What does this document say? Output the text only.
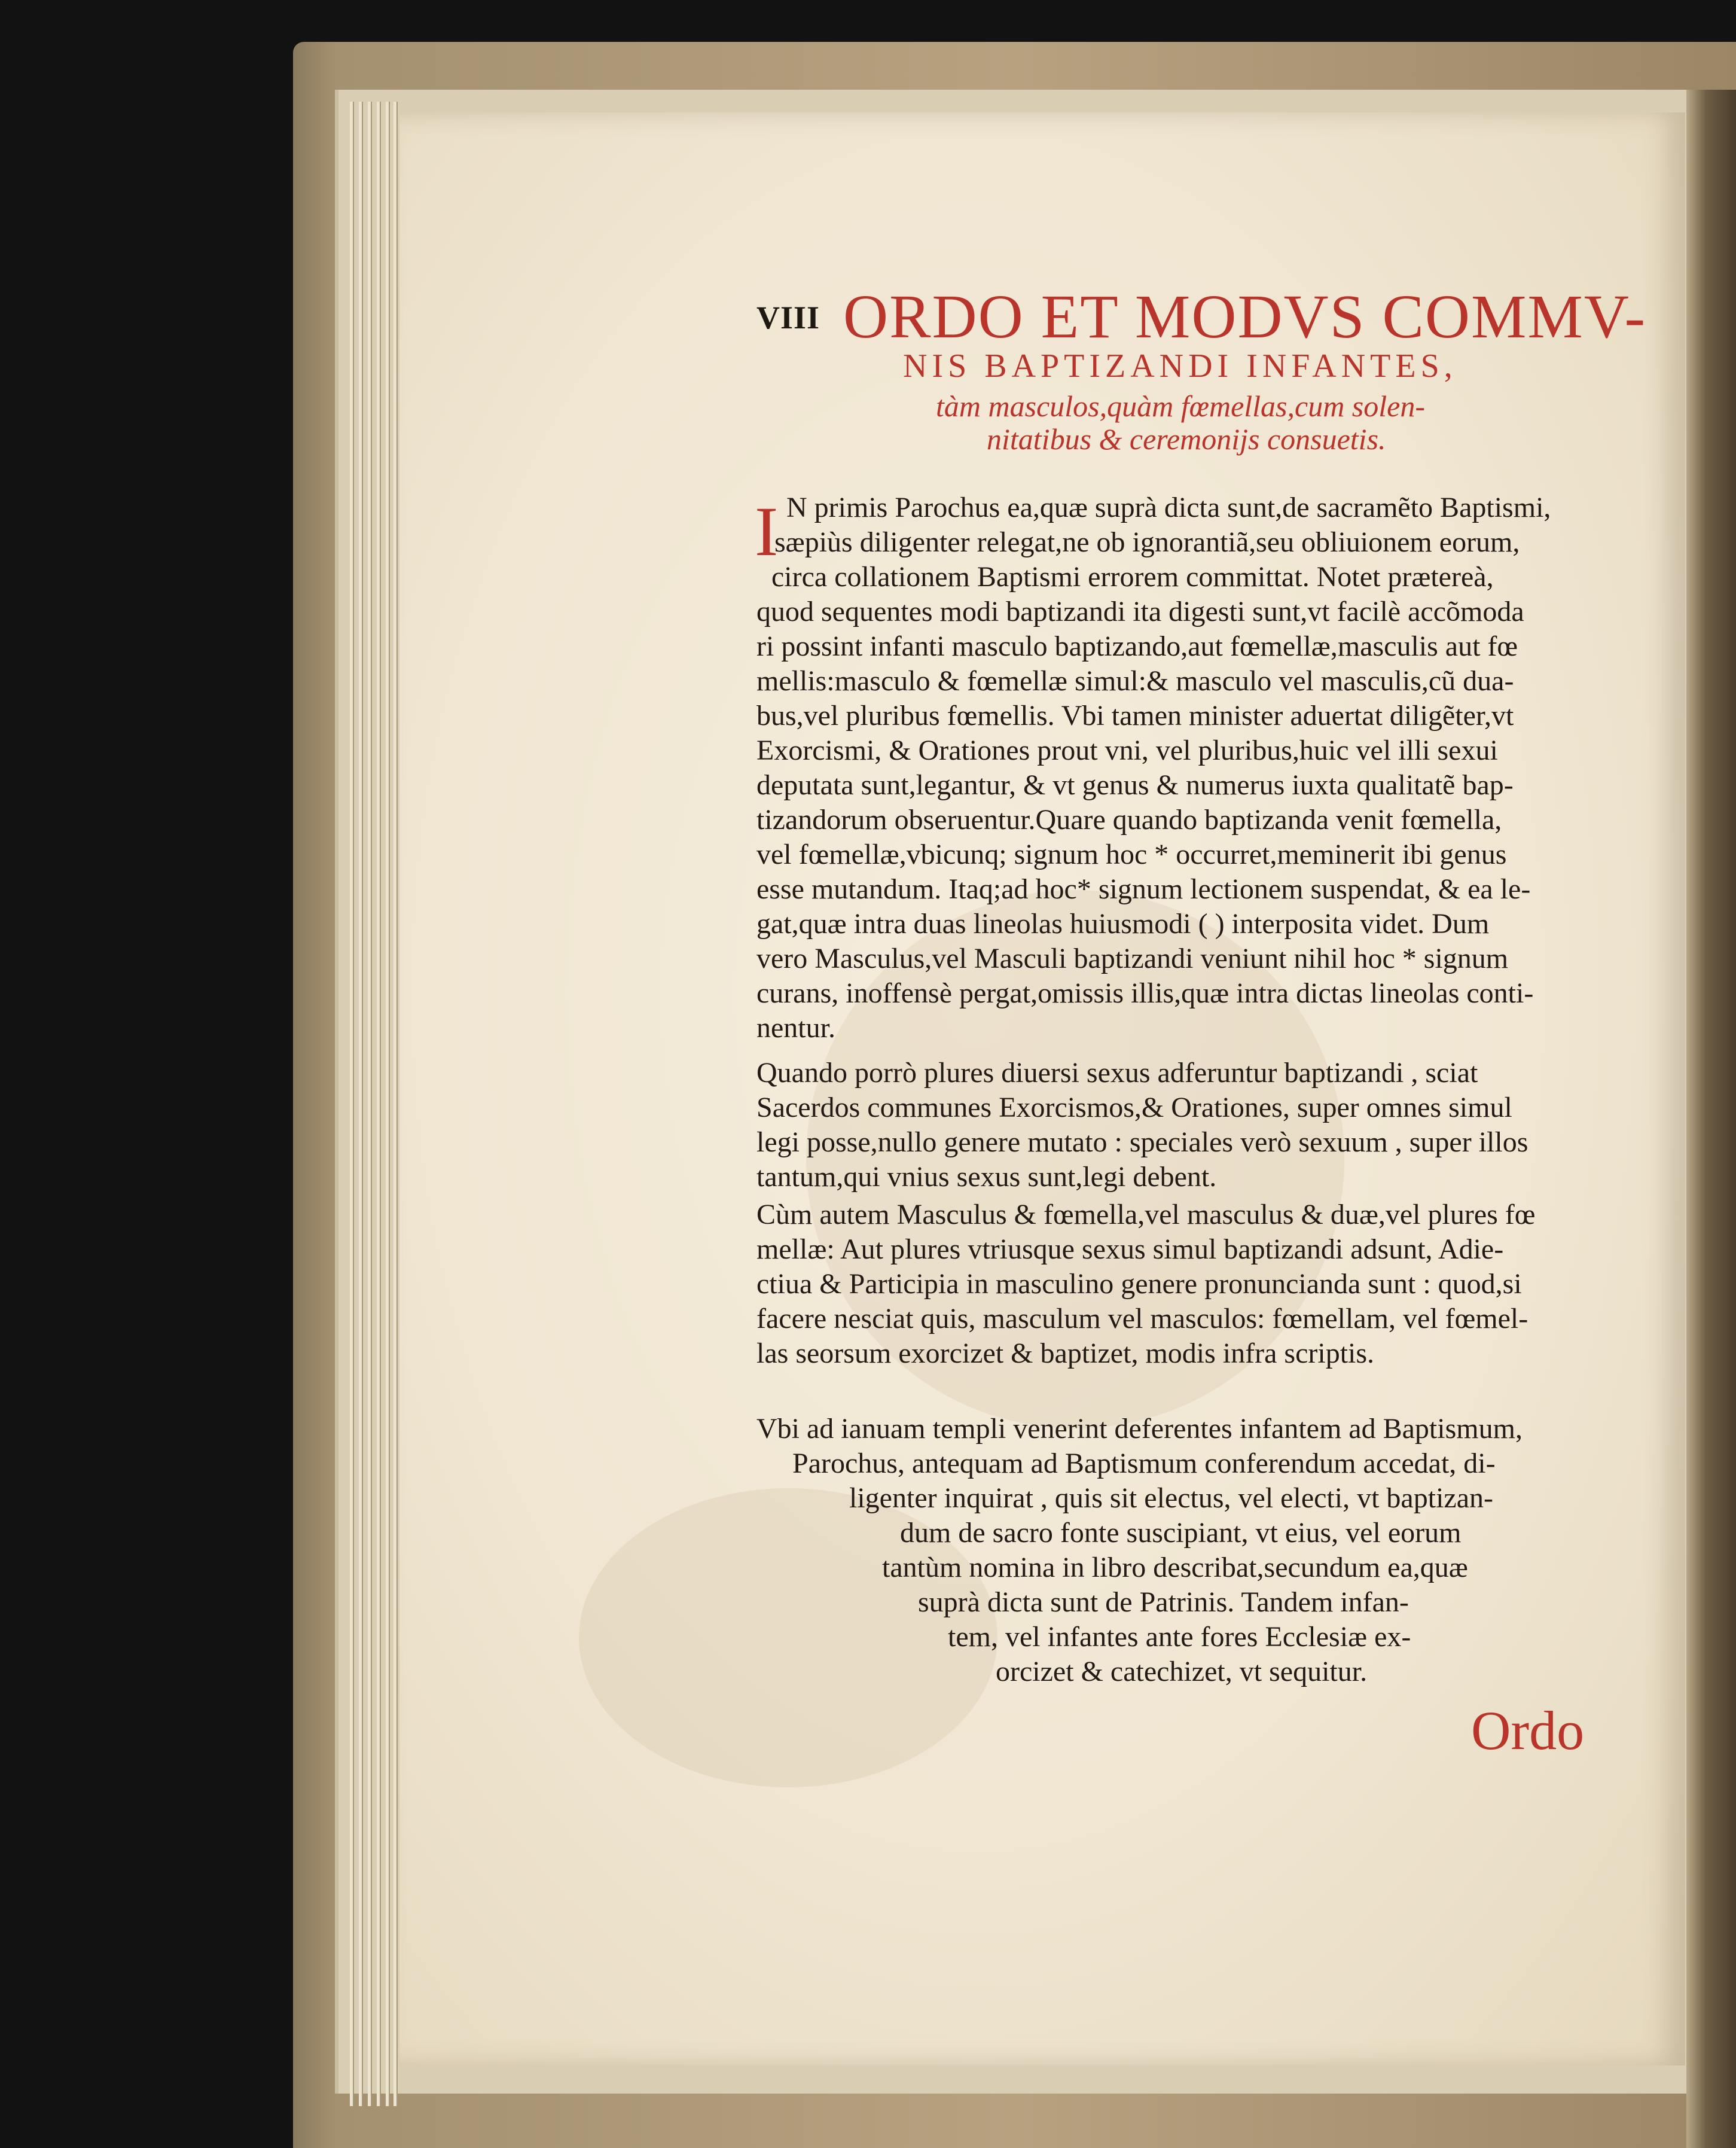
VIII ORDO ET MODVS COMMV-
NIS BAPTIZANDI INFANTES,
tàm masculos,quàm fœmellas,cum solen-
nitatibus & ceremonijs consuetis.
I N primis Parochus ea,quæ suprà dicta sunt,de sacramẽto Baptismi,
sæpiùs diligenter relegat,ne ob ignorantiã,seu obliuionem eorum,
circa collationem Baptismi errorem committat. Notet prætereà,
quod sequentes modi baptizandi ita digesti sunt,vt facilè accõmoda
ri possint infanti masculo baptizando,aut fœmellæ,masculis aut fœ
mellis:masculo & fœmellæ simul:& masculo vel masculis,cũ dua-
bus,vel pluribus fœmellis. Vbi tamen minister aduertat diligẽter,vt
Exorcismi, & Orationes prout vni, vel pluribus,huic vel illi sexui
deputata sunt,legantur, & vt genus & numerus iuxta qualitatẽ bap-
tizandorum obseruentur.Quare quando baptizanda venit fœmella,
vel fœmellæ,vbicunq; signum hoc * occurret,meminerit ibi genus
esse mutandum. Itaq;ad hoc* signum lectionem suspendat, & ea le-
gat,quæ intra duas lineolas huiusmodi ( ) interposita videt. Dum
vero Masculus,vel Masculi baptizandi veniunt nihil hoc * signum
curans, inoffensè pergat,omissis illis,quæ intra dictas lineolas conti-
nentur.
Quando porrò plures diuersi sexus adferuntur baptizandi , sciat
Sacerdos communes Exorcismos,& Orationes, super omnes simul
legi posse,nullo genere mutato : speciales verò sexuum , super illos
tantum,qui vnius sexus sunt,legi debent.
Cùm autem Masculus & fœmella,vel masculus & duæ,vel plures fœ
mellæ: Aut plures vtriusque sexus simul baptizandi adsunt, Adie-
ctiua & Participia in masculino genere pronuncianda sunt : quod,si
facere nesciat quis, masculum vel masculos: fœmellam, vel fœmel-
las seorsum exorcizet & baptizet, modis infra scriptis.
Vbi ad ianuam templi venerint deferentes infantem ad Baptismum,
Parochus, antequam ad Baptismum conferendum accedat, di-
ligenter inquirat , quis sit electus, vel electi, vt baptizan-
dum de sacro fonte suscipiant, vt eius, vel eorum
tantùm nomina in libro describat,secundum ea,quæ
suprà dicta sunt de Patrinis. Tandem infan-
tem, vel infantes ante fores Ecclesiæ ex-
orcizet & catechizet, vt sequitur.
Ordo
